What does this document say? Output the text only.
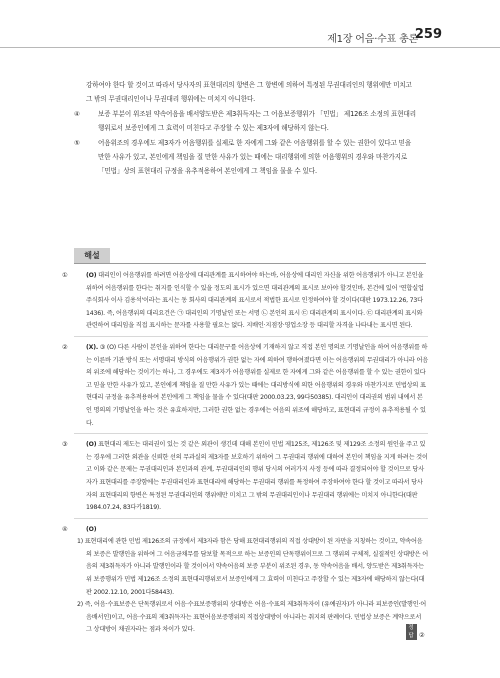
제1장 어음·수표 총론
259

강하여야 한다 할 것이고 따라서 당사자의 표현대리의 항변은 그 항변에 의하여 특정된 무권대리인의 행위에만 미치고 그 밖의 무권대리인이나 무권대리 행위에는 미치지 아니한다.

④	보증 부분이 위조된 약속어음을 배서양도받은 제3취득자는 그 어음보증행위가 「민법」 제126조 소정의 표현대리행위로서 보증인에게 그 효력이 미친다고 주장할 수 있는 제3자에 해당하지 않는다.

⑤	어음위조의 경우에도 제3자가 어음행위를 실제로 한 자에게 그와 같은 어음행위를 할 수 있는 권한이 있다고 믿을 만한 사유가 있고, 본인에게 책임을 질 만한 사유가 있는 때에는 대리행위에 의한 어음행위의 경우와 마찬가지로 「민법」상의 표현대리 규정을 유추적용하여 본인에게 그 책임을 물을 수 있다.

해설

①	(O) 대리인이 어음행위를 하려면 어음상에 대리관계를 표시하여야 하는바, 어음상에 대리인 자신을 위한 어음행위가 아니고 본인을 위하여 어음행위를 한다는 취지를 인식할 수 있을 정도의 표시가 있으면 대리관계의 표시로 보아야 할것인바, 본건에 있어 '연합실업주식회사 이사 김용석'이라는 표시는 동 회사의 대리관계의 표시로서 적법한 표시로 인정하여야 할 것이다(대판 1973.12.26, 73다1436). 즉, 어음행위의 대리요건은 ㉠ 대리인의 기명날인 또는 서명 ㉡ 본인의 표시 ㉢ 대리관계의 표시이다. ㉢ 대리관계의 표시와 관련하여 대리임을 직접 표시하는 문자를 사용할 필요는 없다. 지배인·지점장·영업소장 등 대리할 자격을 나타내는 표시면 된다.

②	(X). ③ (O) 다른 사람이 본인을 위하여 한다는 대리문구를 어음상에 기재하지 않고 직접 본인 명의로 기명날인을 하여 어음행위를 하는 이른바 기관 방식 또는 서명대리 방식의 어음행위가 권한 없는 자에 의하여 행하여졌다면 이는 어음행위의 무권대리가 아니라 어음의 위조에 해당하는 것이기는 하나, 그 경우에도 제3자가 어음행위를 실제로 한 자에게 그와 같은 어음행위를 할 수 있는 권한이 있다고 믿을 만한 사유가 있고, 본인에게 책임을 질 만한 사유가 있는 때에는 대리방식에 의한 어음행위의 경우와 마찬가지로 민법상의 표현대리 규정을 유추적용하여 본인에게 그 책임을 물을 수 있다(대판 2000.03.23, 99다50385). 대리인이 대리권의 범위 내에서 본인 명의의 기명날인을 하는 것은 유효하지만, 그러한 권한 없는 경우에는 어음의 위조에 해당하고, 표현대리 규정이 유추적용될 수 있다.

③	(O) 표현대리 제도는 대리권이 있는 것 같은 외관이 생긴데 대해 본인이 민법 제125조, 제126조 및 제129조 소정의 원인을 주고 있는 경우에 그러한 외관을 신뢰한 선의 무과실의 제3자를 보호하기 위하여 그 무권대리 행위에 대하여 본인이 책임을 지게 하려는 것이고 이와 같은 문제는 무권대리인과 본인과의 관계, 무권대리인의 행위 당시의 여러가지 사정 등에 따라 결정되어야 할 것이므로 당사자가 표현대리를 주장함에는 무권대리인과 표현대리에 해당하는 무권대리 행위를 특정하여 주장하여야 한다 할 것이고 따라서 당사자의 표현대리의 항변은 특정된 무권대리인의 행위에만 미치고 그 밖의 무권대리인이나 무권대리 행위에는 미치지 아니한다(대판 1984.07.24, 83다카1819).

④	(O)

1) 표현대리에 관한 민법 제126조의 규정에서 제3자라 함은 당해 표현대리행위의 직접 상대방이 된 자만을 지칭하는 것이고, 약속어음의 보증은 발행인을 위하여 그 어음금채무를 담보할 목적으로 하는 보증인의 단독행위이므로 그 행위의 구체적, 실질적인 상대방은 어음의 제3취득자가 아니라 발행인이라 할 것이어서 약속어음의 보증 부분이 위조된 경우, 동 약속어음을 배서, 양도받은 제3취득자는 위 보증행위가 민법 제126조 소정의 표현대리행위로서 보증인에게 그 효력이 미친다고 주장할 수 있는 제3자에 해당하지 않는다(대판 2002.12.10, 2001다58443).

2) 즉, 어음·수표보증은 단독행위로서 어음·수표보증행위의 상대방은 어음·수표의 제3취득자이 (유예권자)가 아니라 피보증인(발행인·어음배서인)이고, 어음·수표의 제3취득자는 표현어음보증행위의 직접상대방이 아니라는 취지의 판례이다. 민법상 보증은 계약으로서 그 상대방이 채권자라는 점과 차이가 있다.	정답 ②
